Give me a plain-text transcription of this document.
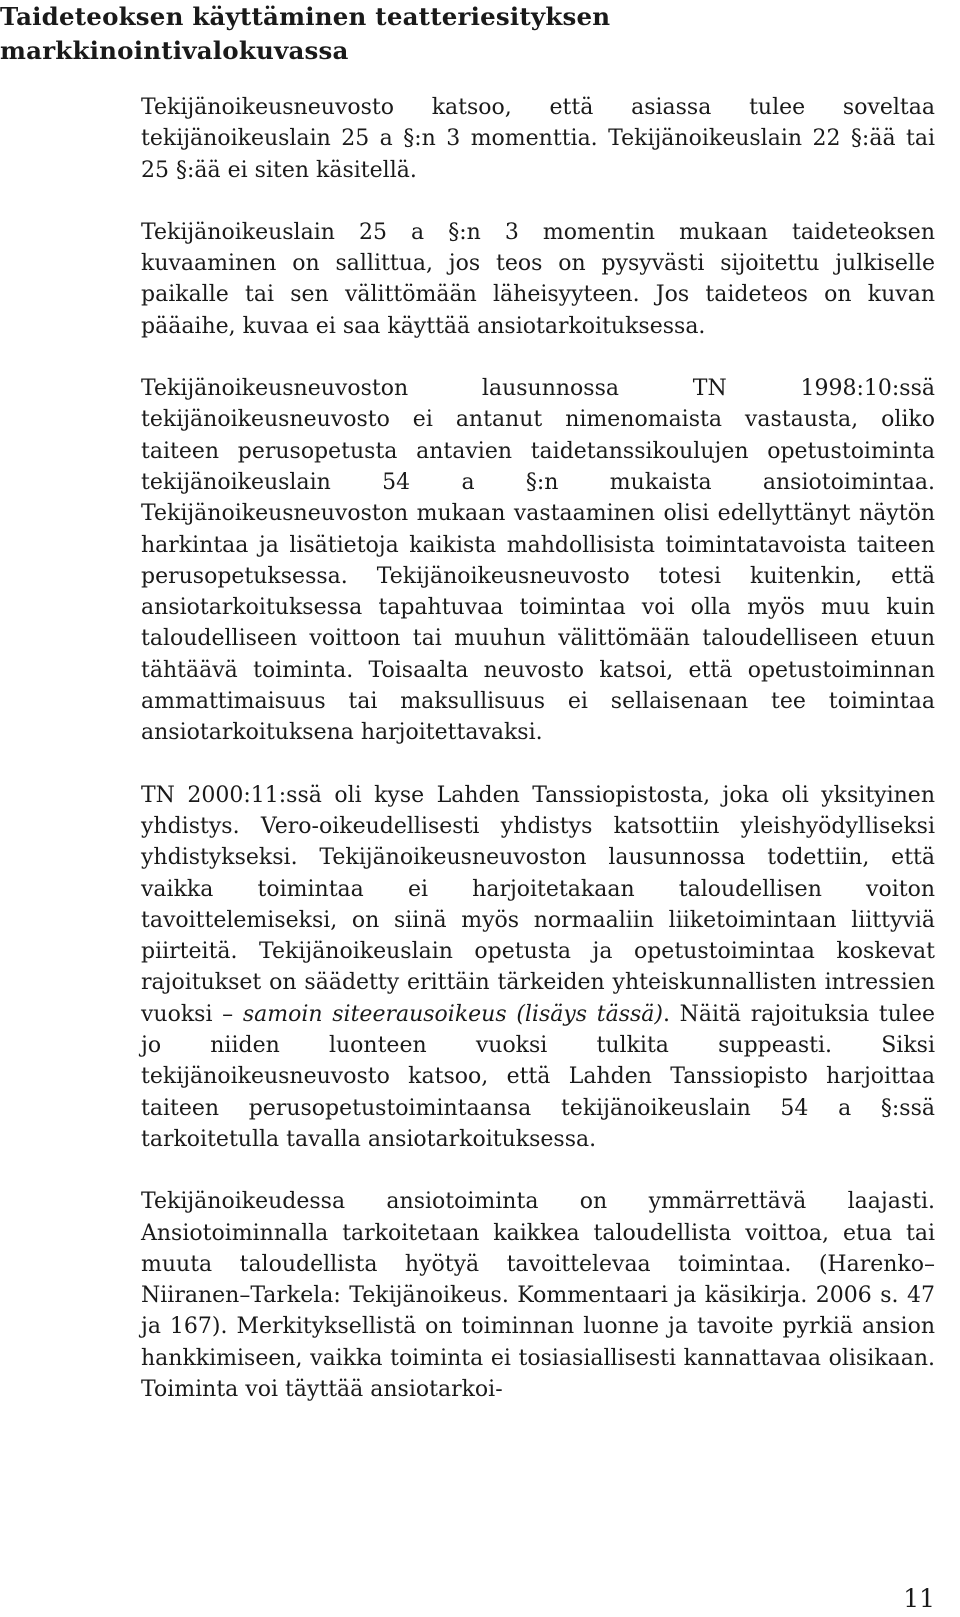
Taideteoksen käyttäminen teatteriesityksen markkinointivalokuvassa

Tekijänoikeusneuvosto katsoo, että asiassa tulee soveltaa tekijänoikeuslain 25 a §:n 3 momenttia. Tekijänoikeuslain 22 §:ää tai 25 §:ää ei siten käsitellä.

Tekijänoikeuslain 25 a §:n 3 momentin mukaan taideteoksen kuvaaminen on sallittua, jos teos on pysyvästi sijoitettu julkiselle paikalle tai sen välittömään läheisyyteen. Jos taideteos on kuvan pääaihe, kuvaa ei saa käyttää ansiotarkoituksessa.

Tekijänoikeusneuvoston lausunnossa TN 1998:10:ssä tekijänoikeusneuvosto ei antanut nimenomaista vastausta, oliko taiteen perusopetusta antavien taidetanssikoulujen opetustoiminta tekijänoikeuslain 54 a §:n mukaista ansiotoimintaa. Tekijänoikeusneuvoston mukaan vastaaminen olisi edellyttänyt näytön harkintaa ja lisätietoja kaikista mahdollisista toimintatavoista taiteen perusopetuksessa. Tekijänoikeusneuvosto totesi kuitenkin, että ansiotarkoituksessa tapahtuvaa toimintaa voi olla myös muu kuin taloudelliseen voittoon tai muuhun välittömään taloudelliseen etuun tähtäävä toiminta. Toisaalta neuvosto katsoi, että opetustoiminnan ammattimaisuus tai maksullisuus ei sellaisenaan tee toimintaa ansiotarkoituksena harjoitettavaksi.

TN 2000:11:ssä oli kyse Lahden Tanssiopistosta, joka oli yksityinen yhdistys. Vero-oikeudellisesti yhdistys katsottiin yleishyödylliseksi yhdistykseksi. Tekijänoikeusneuvoston lausunnossa todettiin, että vaikka toimintaa ei harjoitetakaan taloudellisen voiton tavoittelemiseksi, on siinä myös normaaliin liiketoimintaan liittyviä piirteitä. Tekijänoikeuslain opetusta ja opetustoimintaa koskevat rajoitukset on säädetty erittäin tärkeiden yhteiskunnallisten intressien vuoksi – samoin siteerausoikeus (lisäys tässä). Näitä rajoituksia tulee jo niiden luonteen vuoksi tulkita suppeasti. Siksi tekijänoikeusneuvosto katsoo, että Lahden Tanssiopisto harjoittaa taiteen perusopetustoimintaansa tekijänoikeuslain 54 a §:ssä tarkoitetulla tavalla ansiotarkoituksessa.

Tekijänoikeudessa ansiotoiminta on ymmärrettävä laajasti. Ansiotoiminnalla tarkoitetaan kaikkea taloudellista voittoa, etua tai muuta taloudellista hyötyä tavoittelevaa toimintaa. (Harenko–Niiranen–Tarkela: Tekijänoikeus. Kommentaari ja käsikirja. 2006 s. 47 ja 167). Merkityksellistä on toiminnan luonne ja tavoite pyrkiä ansion hankkimiseen, vaikka toiminta ei tosiasiallisesti kannattavaa olisikaan. Toiminta voi täyttää ansiotarkoi-

11
